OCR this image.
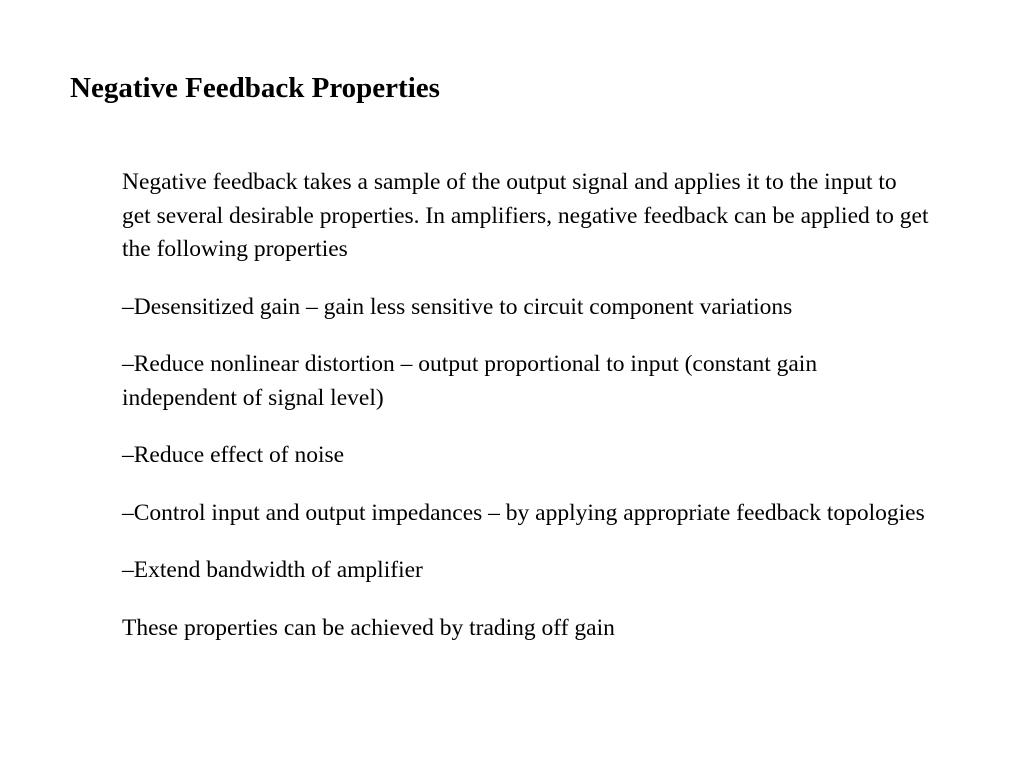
Negative Feedback Properties

Negative feedback takes a sample of the output signal and applies it to the input to get several desirable properties. In amplifiers, negative feedback can be applied to get the following properties

–Desensitized gain – gain less sensitive to circuit component variations

–Reduce nonlinear distortion – output proportional to input (constant gain independent of signal level)

–Reduce effect of noise

–Control input and output impedances – by applying appropriate feedback topologies

–Extend bandwidth of amplifier

These properties can be achieved by trading off gain
